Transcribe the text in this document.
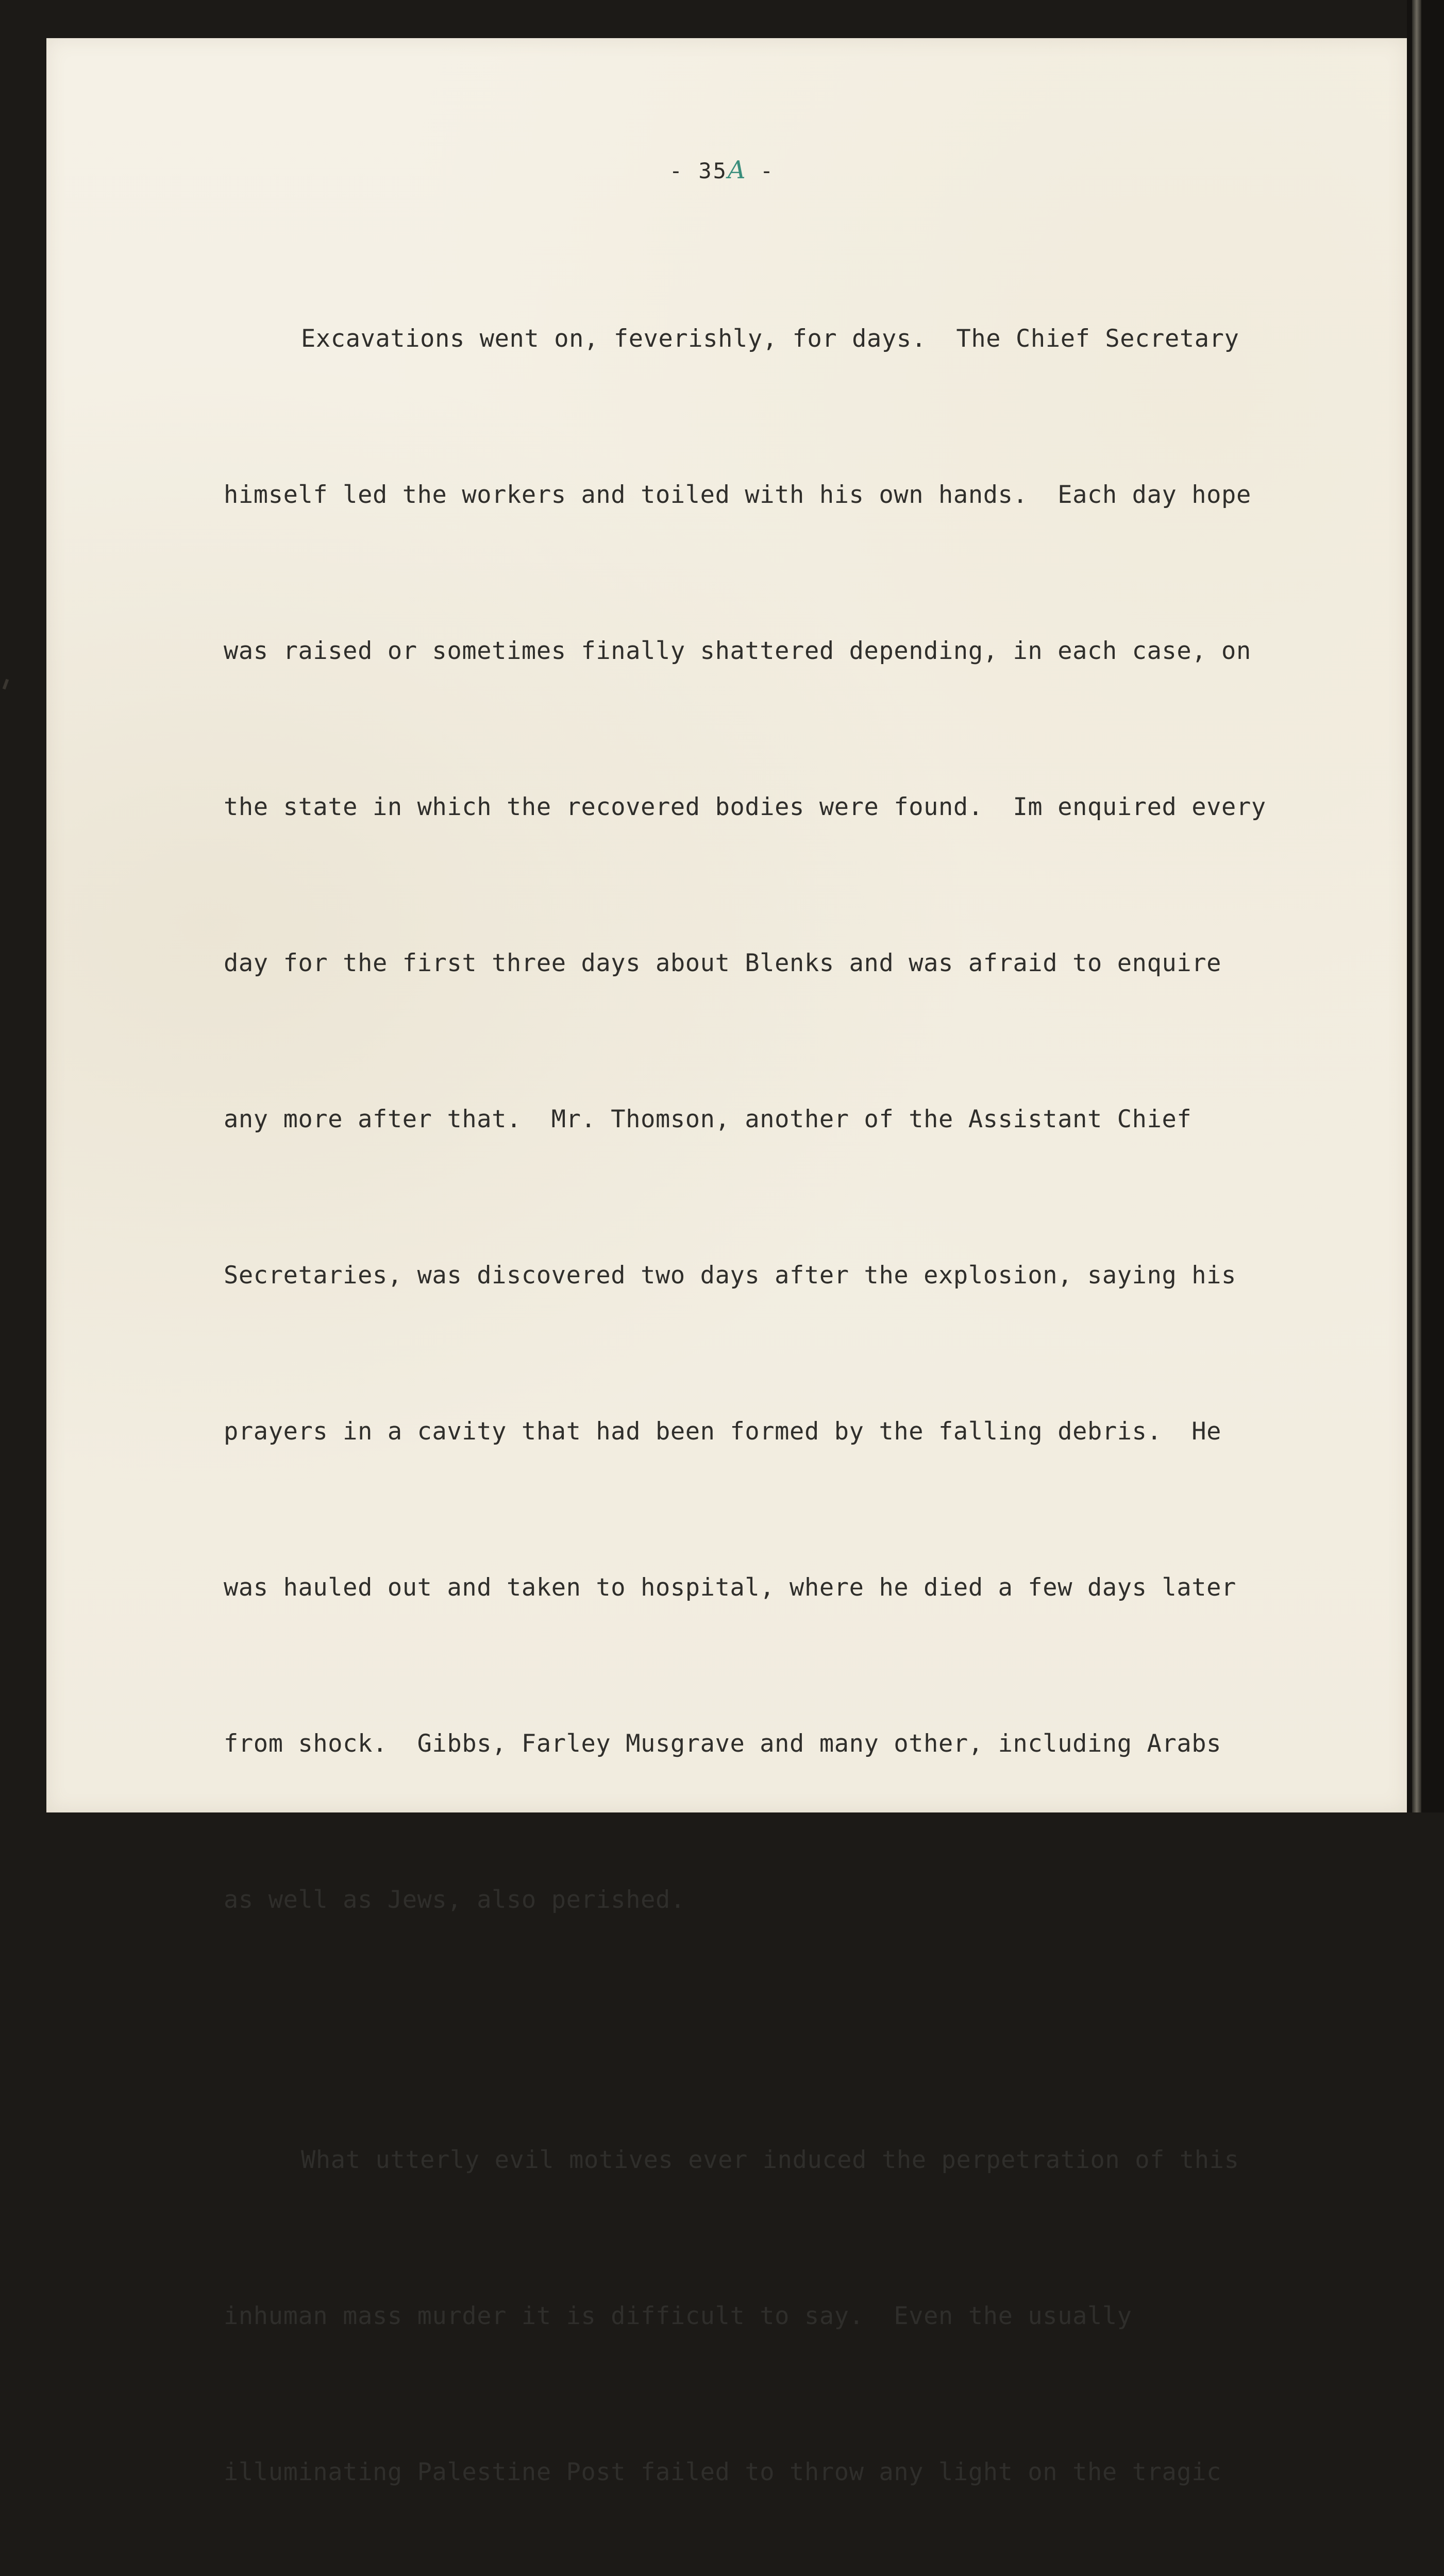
- 35A -

Excavations went on, feverishly, for days.  The Chief Secretary

himself led the workers and toiled with his own hands.  Each day hope

was raised or sometimes finally shattered depending, in each case, on

the state in which the recovered bodies were found.  Im enquired every

day for the first three days about Blenks and was afraid to enquire

any more after that.  Mr. Thomson, another of the Assistant Chief

Secretaries, was discovered two days after the explosion, saying his

prayers in a cavity that had been formed by the falling debris.  He

was hauled out and taken to hospital, where he died a few days later

from shock.  Gibbs, Farley Musgrave and many other, including Arabs

as well as Jews, also perished.

What utterly evil motives ever induced the perpetration of this

inhuman mass murder it is difficult to say.  Even the usually

illuminating Palestine Post failed to throw any light on the tragic
